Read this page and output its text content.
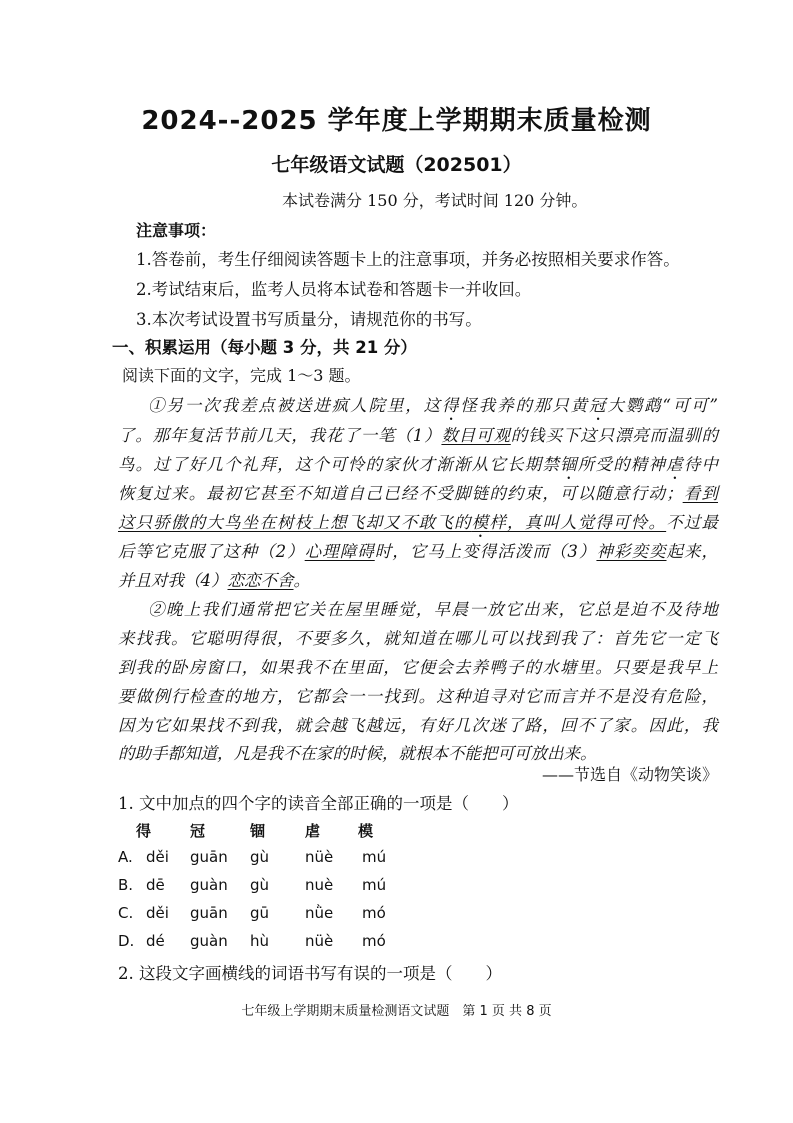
2024--2025 学年度上学期期末质量检测
七年级语文试题（202501）
本试卷满分 150 分，考试时间 120 分钟。
注意事项：
1.答卷前，考生仔细阅读答题卡上的注意事项，并务必按照相关要求作答。
2.考试结束后，监考人员将本试卷和答题卡一并收回。
3.本次考试设置书写质量分，请规范你的书写。
一、积累运用（每小题 3 分，共 21 分）
阅读下面的文字，完成 1～3 题。
①另一次我差点被送进疯人院里，这得怪我养的那只黄冠大鹦鹉“可可”
了。那年复活节前几天，我花了一笔（1）数目可观的钱买下这只漂亮而温驯的
鸟。过了好几个礼拜，这个可怜的家伙才渐渐从它长期禁锢所受的精神虐待中
恢复过来。最初它甚至不知道自己已经不受脚链的约束，可以随意行动；看到
这只骄傲的大鸟坐在树枝上想飞却又不敢飞的模样，真叫人觉得可怜。不过最
后等它克服了这种（2）心理障碍时，它马上变得活泼而（3）神彩奕奕起来，
并且对我（4）恋恋不舍。
②晚上我们通常把它关在屋里睡觉，早晨一放它出来，它总是迫不及待地
来找我。它聪明得很，不要多久，就知道在哪儿可以找到我了：首先它一定飞
到我的卧房窗口，如果我不在里面，它便会去养鸭子的水塘里。只要是我早上
要做例行检查的地方，它都会一一找到。这种追寻对它而言并不是没有危险，
因为它如果找不到我，就会越飞越远，有好几次迷了路，回不了家。因此，我
的助手都知道，凡是我不在家的时候，就根本不能把可可放出来。
——节选自《动物笑谈》
1. 文中加点的四个字的读音全部正确的一项是（　　）
得	冠	锢	虐	模
A. děi guān gù nüè mú
B. dē guàn gù nuè mú
C. děi guān gū nǜe mó
D. dé guàn hù nüè mó
2. 这段文字画横线的词语书写有误的一项是（　　）
七年级上学期期末质量检测语文试题　第 1 页 共 8 页
